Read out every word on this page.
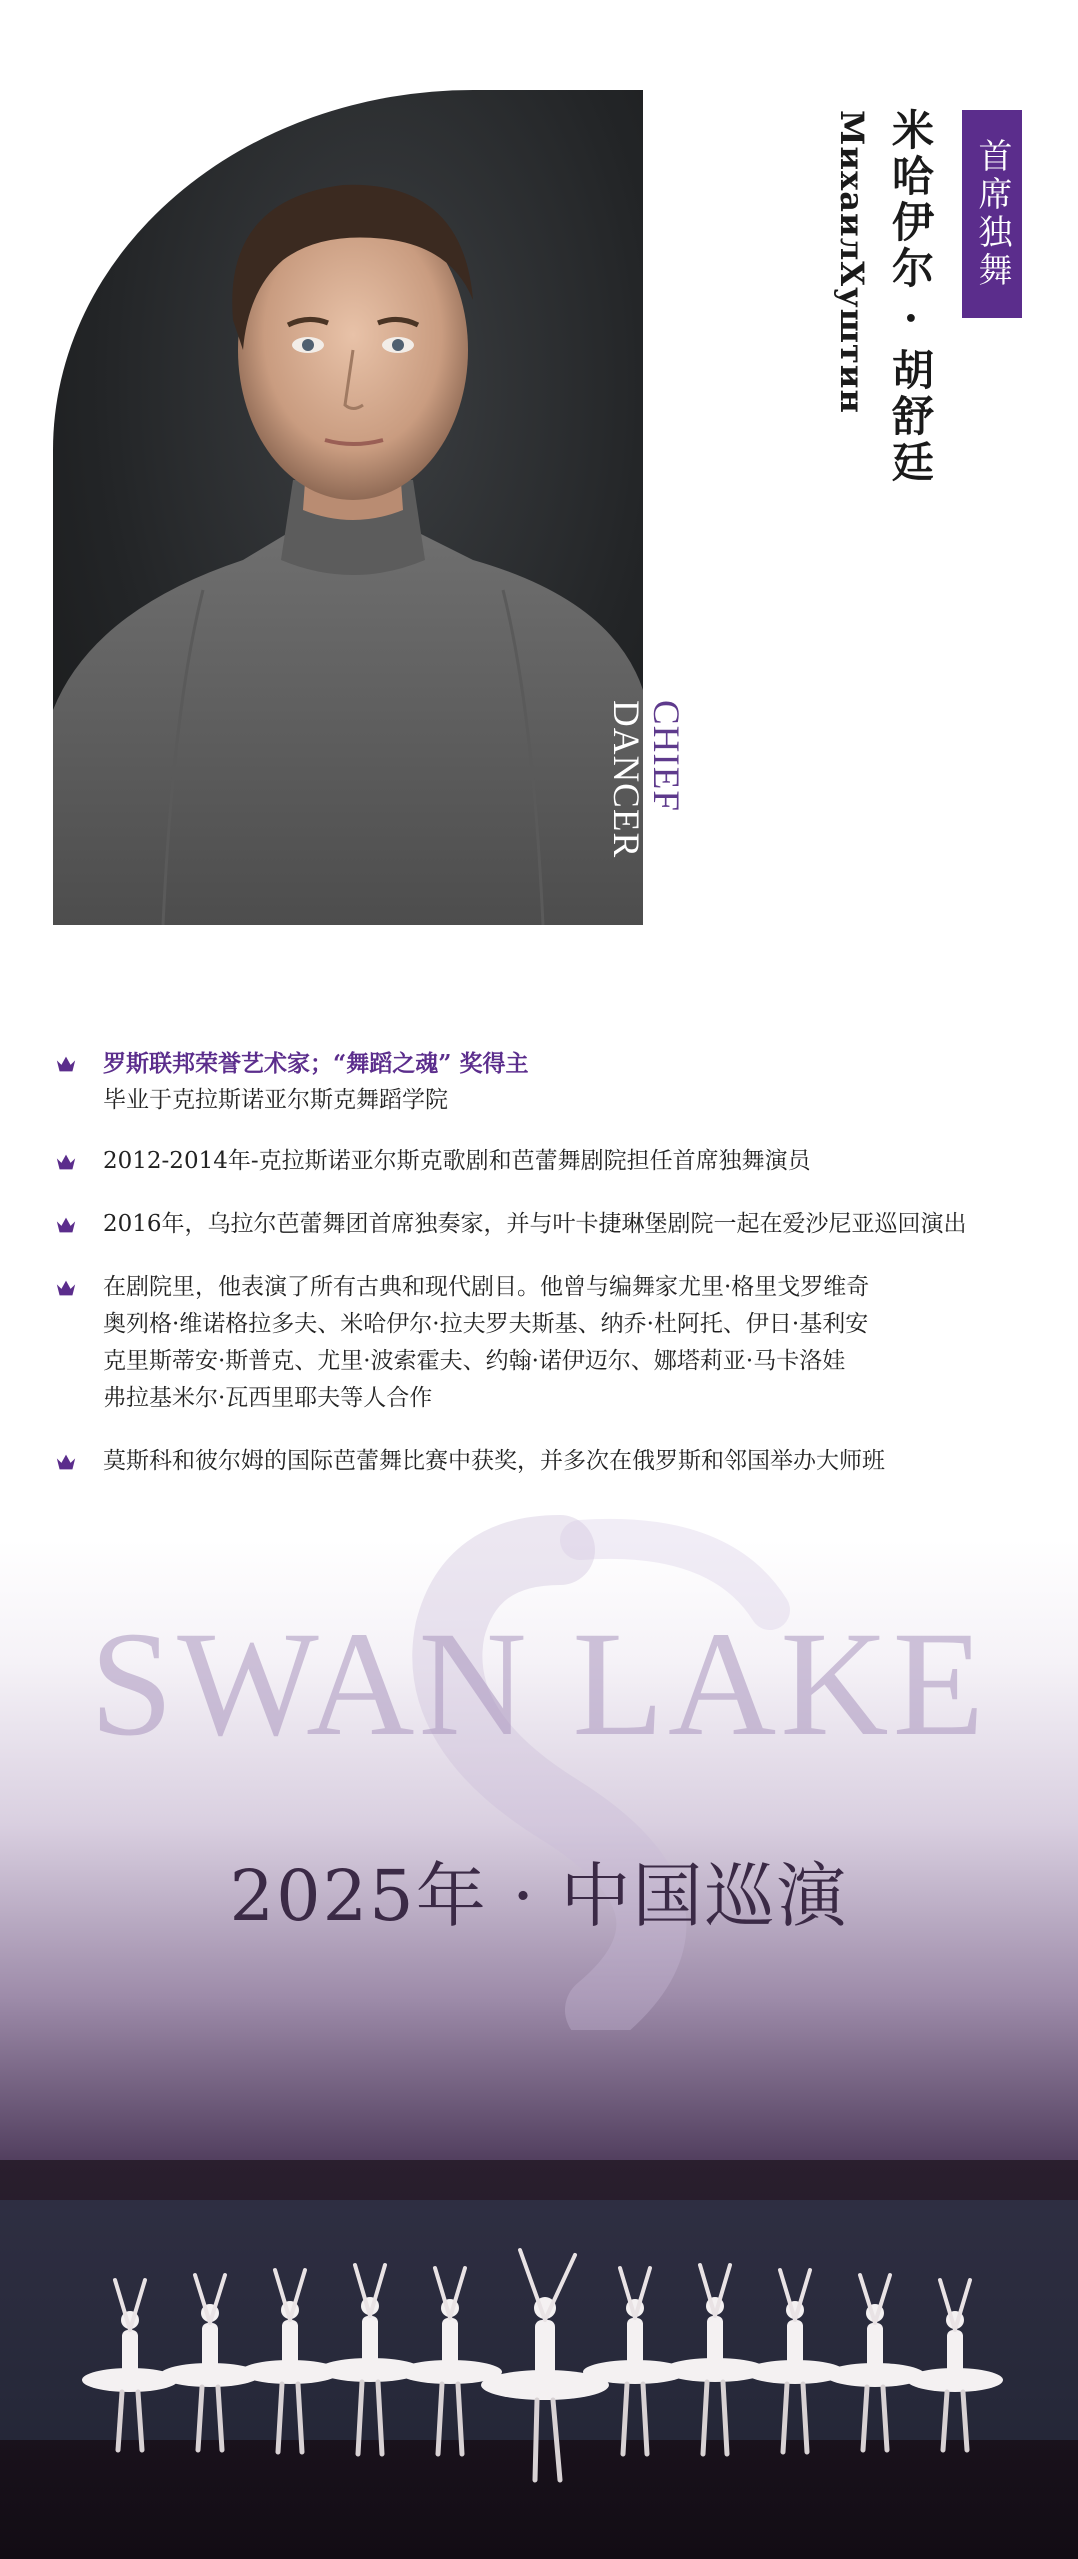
CHIEF
DANCER
首席独舞
米哈伊尔 · 胡舒廷
МихаилХуштин

罗斯联邦荣誉艺术家；“舞蹈之魂” 奖得主

毕业于克拉斯诺亚尔斯克舞蹈学院

2012-2014年-克拉斯诺亚尔斯克歌剧和芭蕾舞剧院担任首席独舞演员

2016年，乌拉尔芭蕾舞团首席独奏家，并与叶卡捷琳堡剧院一起在爱沙尼亚巡回演出

在剧院里，他表演了所有古典和现代剧目。他曾与编舞家尤里·格里戈罗维奇

奥列格·维诺格拉多夫、米哈伊尔·拉夫罗夫斯基、纳乔·杜阿托、伊日·基利安

克里斯蒂安·斯普克、尤里·波索霍夫、约翰·诺伊迈尔、娜塔莉亚·马卡洛娃

弗拉基米尔·瓦西里耶夫等人合作

莫斯科和彼尔姆的国际芭蕾舞比赛中获奖，并多次在俄罗斯和邻国举办大师班

SWAN LAKE
2025年 · 中国巡演
